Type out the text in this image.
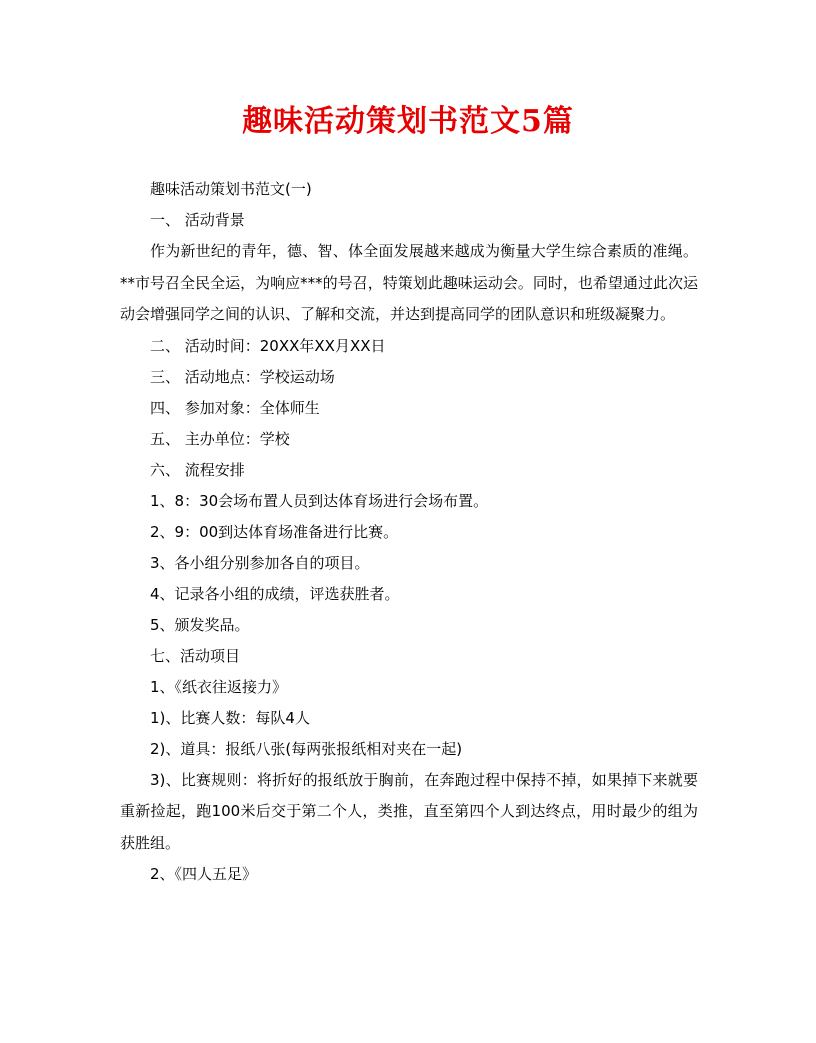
趣味活动策划书范文5篇

趣味活动策划书范文(一)

一、 活动背景

作为新世纪的青年，德、智、体全面发展越来越成为衡量大学生综合素质的准绳。**市号召全民全运，为响应***的号召，特策划此趣味运动会。同时，也希望通过此次运动会增强同学之间的认识、了解和交流，并达到提高同学的团队意识和班级凝聚力。

二、 活动时间：20XX年XX月XX日

三、 活动地点：学校运动场

四、 参加对象：全体师生

五、 主办单位：学校

六、 流程安排

1、8：30会场布置人员到达体育场进行会场布置。

2、9：00到达体育场准备进行比赛。

3、各小组分别参加各自的项目。

4、记录各小组的成绩，评选获胜者。

5、颁发奖品。

七、活动项目

1、《纸衣往返接力》

1)、比赛人数：每队4人

2)、道具：报纸八张(每两张报纸相对夹在一起)

3)、比赛规则：将折好的报纸放于胸前，在奔跑过程中保持不掉，如果掉下来就要重新捡起，跑100米后交于第二个人，类推，直至第四个人到达终点，用时最少的组为获胜组。

2、《四人五足》
